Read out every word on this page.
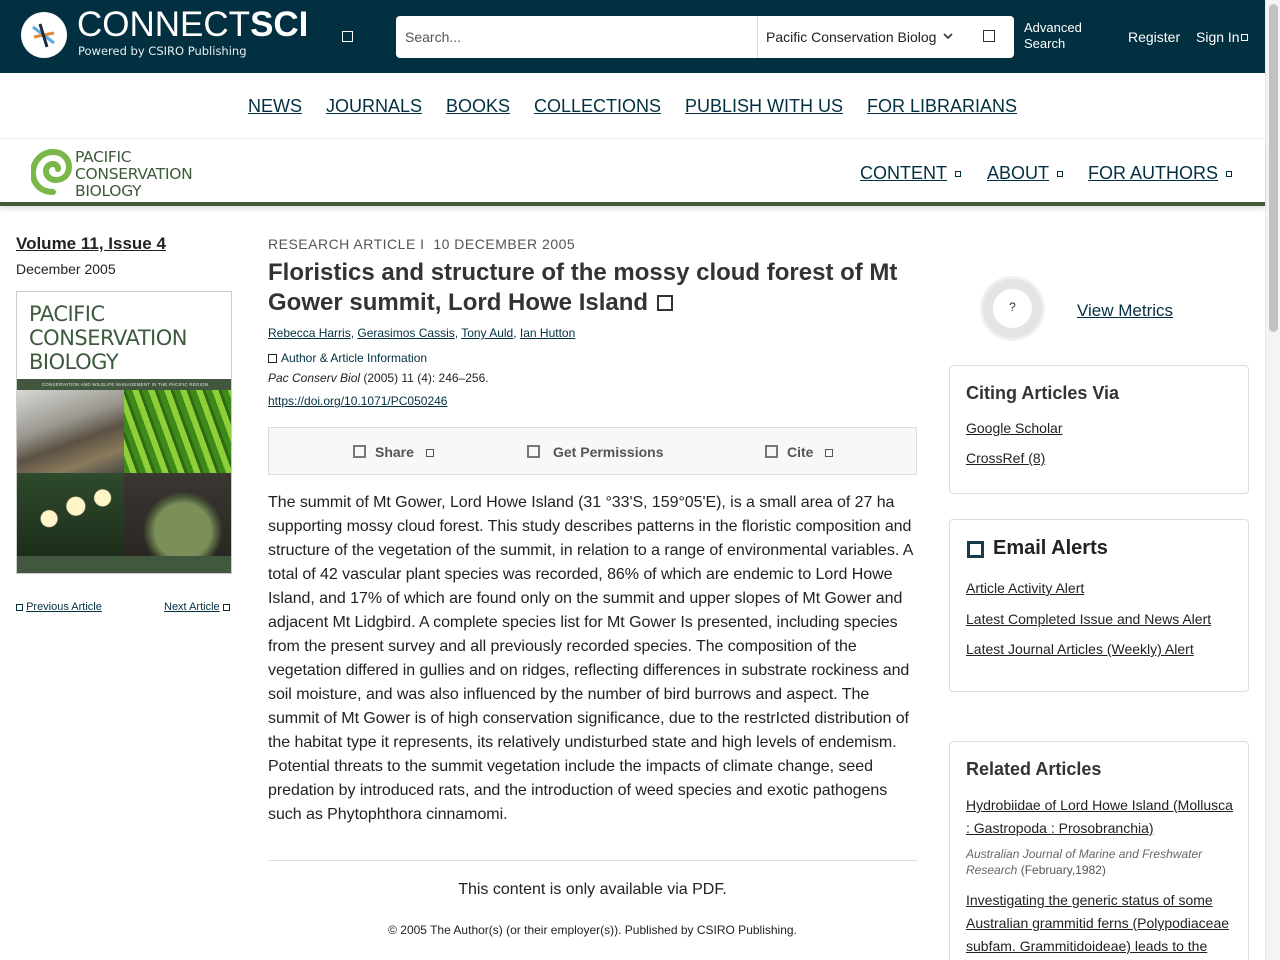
CONNECTSCI
Powered by CSIRO Publishing
Search...
Pacific Conservation Biolog
Advanced
Search	Register Sign In
NEWS JOURNALS BOOKS COLLECTIONS PUBLISH WITH US FOR LIBRARIANS
PACIFIC
CONSERVATION
BIOLOGY
CONTENT ABOUT FOR AUTHORS
Volume 11, Issue 4
December 2005
PACIFIC
CONSERVATION
BIOLOGY
CONSERVATION AND WILDLIFE MANAGEMENT IN THE PACIFIC REGION
Previous Article	Next Article
RESEARCH ARTICLE I 10 DECEMBER 2005
Floristics and structure of the mossy cloud forest of Mt Gower summit, Lord Howe Island
Rebecca Harris, Gerasimos Cassis, Tony Auld, Ian Hutton
Author & Article Information
Pac Conserv Biol (2005) 11 (4): 246–256.
https://doi.org/10.1071/PC050246
Share	Get Permissions	Cite

The summit of Mt Gower, Lord Howe Island (31 °33'S, 159°05'E), is a small area of 27 ha supporting mossy cloud forest. This study describes patterns in the floristic composition and structure of the vegetation of the summit, in relation to a range of environmental variables. A total of 42 vascular plant species was recorded, 86% of which are endemic to Lord Howe Island, and 17% of which are found only on the summit and upper slopes of Mt Gower and adjacent Mt Lidgbird. A complete species list for Mt Gower Is presented, including species from the present survey and all previously recorded species. The composition of the vegetation differed in gullies and on ridges, reflecting differences in substrate rockiness and soil moisture, and was also influenced by the number of bird burrows and aspect. The summit of Mt Gower is of high conservation significance, due to the restrIcted distribution of the habitat type it represents, its relatively undisturbed state and high levels of endemism. Potential threats to the summit vegetation include the impacts of climate change, seed predation by introduced rats, and the introduction of weed species and exotic pathogens such as Phytophthora cinnamomi.

This content is only available via PDF.
© 2005 The Author(s) (or their employer(s)). Published by CSIRO Publishing.
?	View Metrics
Citing Articles Via
Google Scholar
CrossRef (8)
Email Alerts
Article Activity Alert
Latest Completed Issue and News Alert
Latest Journal Articles (Weekly) Alert
Related Articles
Hydrobiidae of Lord Howe Island (Mollusca : Gastropoda : Prosobranchia)
Australian Journal of Marine and Freshwater Research (February,1982)
Investigating the generic status of some Australian grammitid ferns (Polypodiaceae subfam. Grammitidoideae) leads to the
